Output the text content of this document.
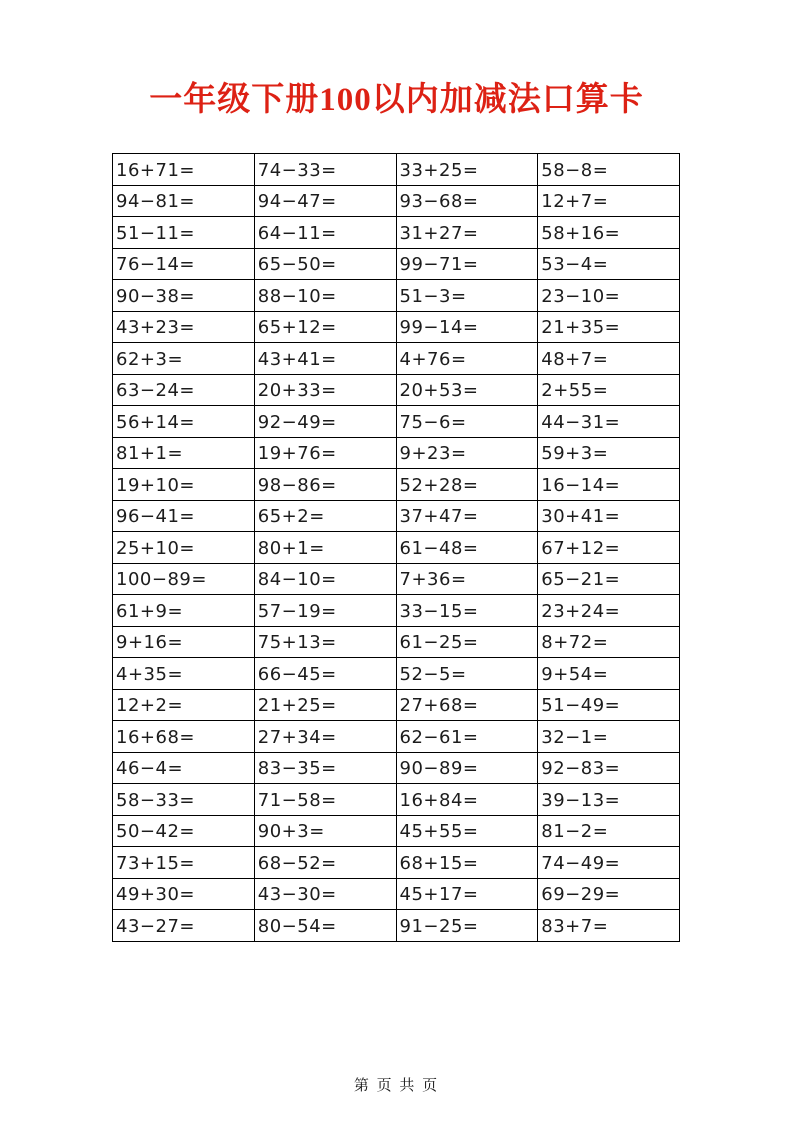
一年级下册100以内加减法口算卡
16+71=	74−33=	33+25=	58−8=
94−81=	94−47=	93−68=	12+7=
51−11=	64−11=	31+27=	58+16=
76−14=	65−50=	99−71=	53−4=
90−38=	88−10=	51−3=	23−10=
43+23=	65+12=	99−14=	21+35=
62+3=	43+41=	4+76=	48+7=
63−24=	20+33=	20+53=	2+55=
56+14=	92−49=	75−6=	44−31=
81+1=	19+76=	9+23=	59+3=
19+10=	98−86=	52+28=	16−14=
96−41=	65+2=	37+47=	30+41=
25+10=	80+1=	61−48=	67+12=
100−89=	84−10=	7+36=	65−21=
61+9=	57−19=	33−15=	23+24=
9+16=	75+13=	61−25=	8+72=
4+35=	66−45=	52−5=	9+54=
12+2=	21+25=	27+68=	51−49=
16+68=	27+34=	62−61=	32−1=
46−4=	83−35=	90−89=	92−83=
58−33=	71−58=	16+84=	39−13=
50−42=	90+3=	45+55=	81−2=
73+15=	68−52=	68+15=	74−49=
49+30=	43−30=	45+17=	69−29=
43−27=	80−54=	91−25=	83+7=
第 页 共 页
